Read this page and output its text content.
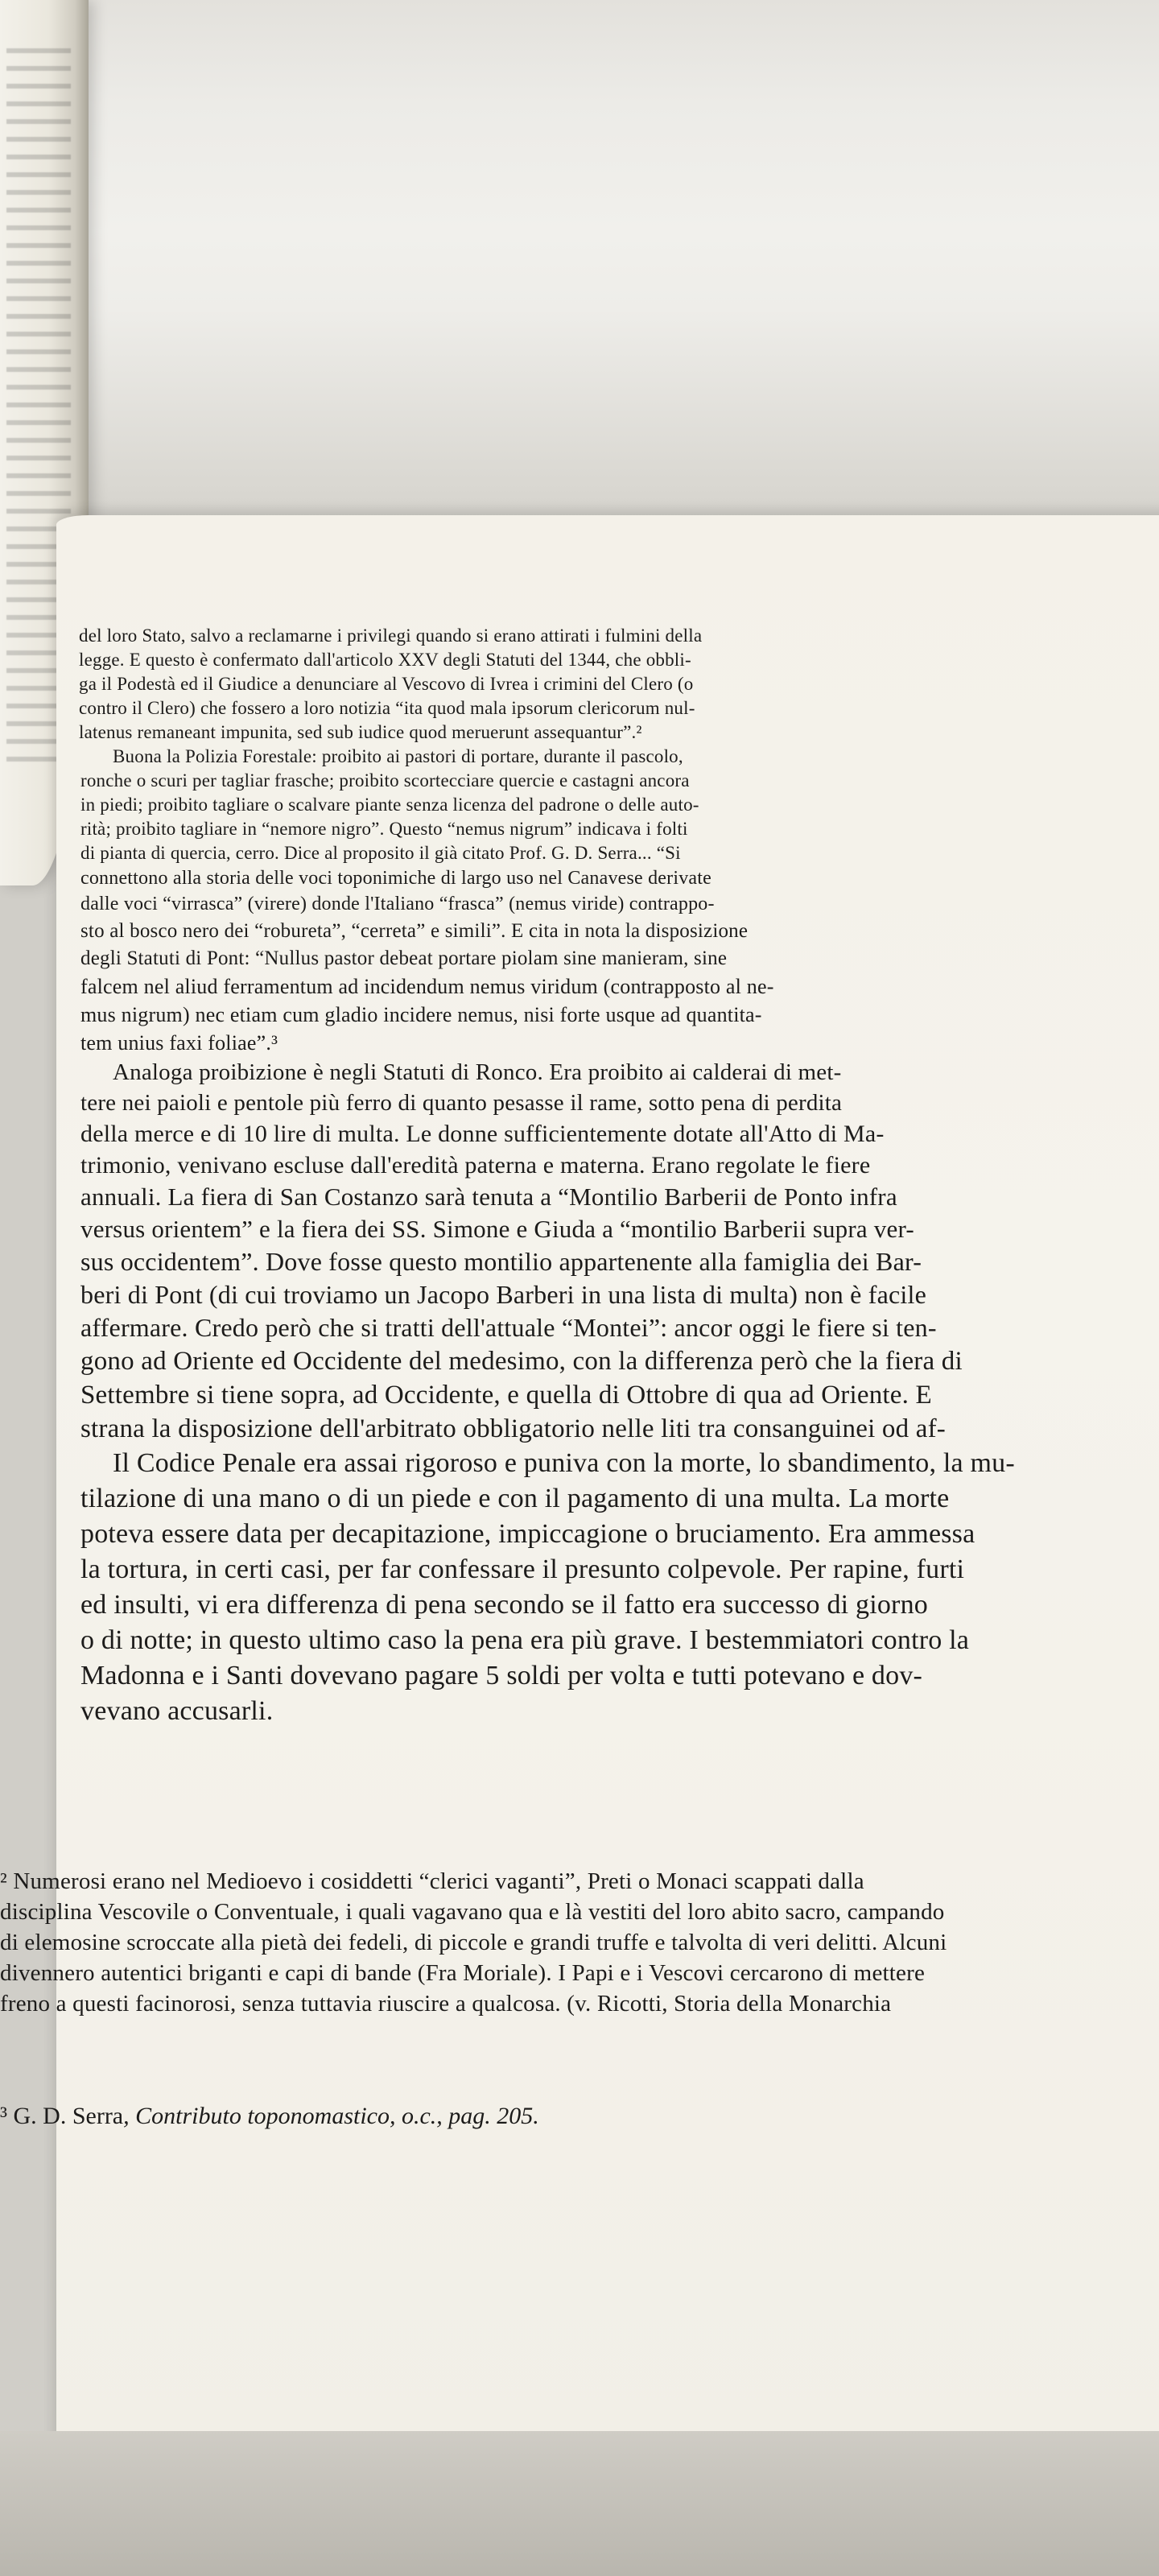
del loro Stato, salvo a reclamarne i privilegi quando si erano attirati i fulmini della
legge. E questo è confermato dall'articolo XXV degli Statuti del 1344, che obbli-
ga il Podestà ed il Giudice a denunciare al Vescovo di Ivrea i crimini del Clero (o
contro il Clero) che fossero a loro notizia “ita quod mala ipsorum clericorum nul-
latenus remaneant impunita, sed sub iudice quod meruerunt assequantur”.²
Buona la Polizia Forestale: proibito ai pastori di portare, durante il pascolo,
ronche o scuri per tagliar frasche; proibito scortecciare quercie e castagni ancora
in piedi; proibito tagliare o scalvare piante senza licenza del padrone o delle auto-
rità; proibito tagliare in “nemore nigro”. Questo “nemus nigrum” indicava i folti
di pianta di quercia, cerro. Dice al proposito il già citato Prof. G. D. Serra... “Si
connettono alla storia delle voci toponimiche di largo uso nel Canavese derivate
dalle voci “virrasca” (virere) donde l'Italiano “frasca” (nemus viride) contrappo-
sto al bosco nero dei “robureta”, “cerreta” e simili”. E cita in nota la disposizione
degli Statuti di Pont: “Nullus pastor debeat portare piolam sine manieram, sine
falcem nel aliud ferramentum ad incidendum nemus viridum (contrapposto al ne-
mus nigrum) nec etiam cum gladio incidere nemus, nisi forte usque ad quantita-
tem unius faxi foliae”.³
Analoga proibizione è negli Statuti di Ronco. Era proibito ai calderai di met-
tere nei paioli e pentole più ferro di quanto pesasse il rame, sotto pena di perdita
della merce e di 10 lire di multa. Le donne sufficientemente dotate all'Atto di Ma-
trimonio, venivano escluse dall'eredità paterna e materna. Erano regolate le fiere
annuali. La fiera di San Costanzo sarà tenuta a “Montilio Barberii de Ponto infra
versus orientem” e la fiera dei SS. Simone e Giuda a “montilio Barberii supra ver-
sus occidentem”. Dove fosse questo montilio appartenente alla famiglia dei Bar-
beri di Pont (di cui troviamo un Jacopo Barberi in una lista di multa) non è facile
affermare. Credo però che si tratti dell'attuale “Montei”: ancor oggi le fiere si ten-
gono ad Oriente ed Occidente del medesimo, con la differenza però che la fiera di
Settembre si tiene sopra, ad Occidente, e quella di Ottobre di qua ad Oriente. E
strana la disposizione dell'arbitrato obbligatorio nelle liti tra consanguinei od af-
Il Codice Penale era assai rigoroso e puniva con la morte, lo sbandimento, la mu-
tilazione di una mano o di un piede e con il pagamento di una multa. La morte
poteva essere data per decapitazione, impiccagione o bruciamento. Era ammessa
la tortura, in certi casi, per far confessare il presunto colpevole. Per rapine, furti
ed insulti, vi era differenza di pena secondo se il fatto era successo di giorno
o di notte; in questo ultimo caso la pena era più grave. I bestemmiatori contro la
Madonna e i Santi dovevano pagare 5 soldi per volta e tutti potevano e dov-
vevano accusarli.
² Numerosi erano nel Medioevo i cosiddetti “clerici vaganti”, Preti o Monaci scappati dalla
disciplina Vescovile o Conventuale, i quali vagavano qua e là vestiti del loro abito sacro, campando
di elemosine scroccate alla pietà dei fedeli, di piccole e grandi truffe e talvolta di veri delitti. Alcuni
divennero autentici briganti e capi di bande (Fra Moriale). I Papi e i Vescovi cercarono di mettere
freno a questi facinorosi, senza tuttavia riuscire a qualcosa. (v. Ricotti, Storia della Monarchia
³ G. D. Serra, Contributo toponomastico, o.c., pag. 205.
